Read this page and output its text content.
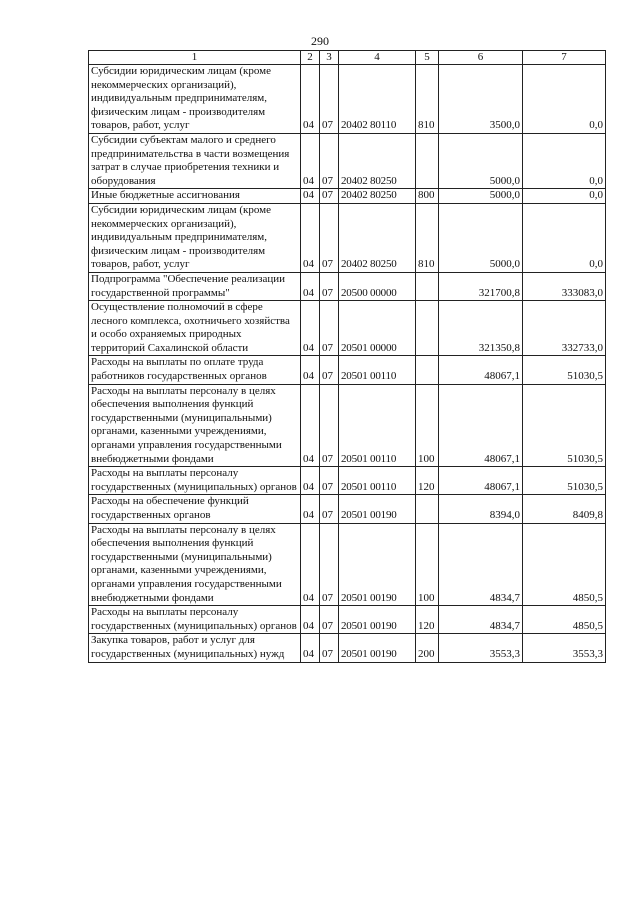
290
1	2	3	4	5	6	7
Субсидии юридическим лицам (кроме некоммерческих организаций), индивидуальным предпринимателям, физическим лицам - производителям товаров, работ, услуг	04	07	20402 80110	810	3500,0	0,0
Субсидии субъектам малого и среднего предпринимательства в части возмещения затрат в случае приобретения техники и оборудования	04	07	20402 80250		5000,0	0,0
Иные бюджетные ассигнования	04	07	20402 80250	800	5000,0	0,0
Субсидии юридическим лицам (кроме некоммерческих организаций), индивидуальным предпринимателям, физическим лицам - производителям товаров, работ, услуг	04	07	20402 80250	810	5000,0	0,0
Подпрограмма "Обеспечение реализации государственной программы"	04	07	20500 00000		321700,8	333083,0
Осуществление полномочий в сфере лесного комплекса, охотничьего хозяйства и особо охраняемых природных территорий Сахалинской области	04	07	20501 00000		321350,8	332733,0
Расходы на выплаты по оплате труда работников государственных органов	04	07	20501 00110		48067,1	51030,5
Расходы на выплаты персоналу в целях обеспечения выполнения функций государственными (муниципальными) органами, казенными учреждениями, органами управления государственными внебюджетными фондами	04	07	20501 00110	100	48067,1	51030,5
Расходы на выплаты персоналу государственных (муниципальных) органов	04	07	20501 00110	120	48067,1	51030,5
Расходы на обеспечение функций государственных органов	04	07	20501 00190		8394,0	8409,8
Расходы на выплаты персоналу в целях обеспечения выполнения функций государственными (муниципальными) органами, казенными учреждениями, органами управления государственными внебюджетными фондами	04	07	20501 00190	100	4834,7	4850,5
Расходы на выплаты персоналу государственных (муниципальных) органов	04	07	20501 00190	120	4834,7	4850,5
Закупка товаров, работ и услуг для государственных (муниципальных) нужд	04	07	20501 00190	200	3553,3	3553,3
